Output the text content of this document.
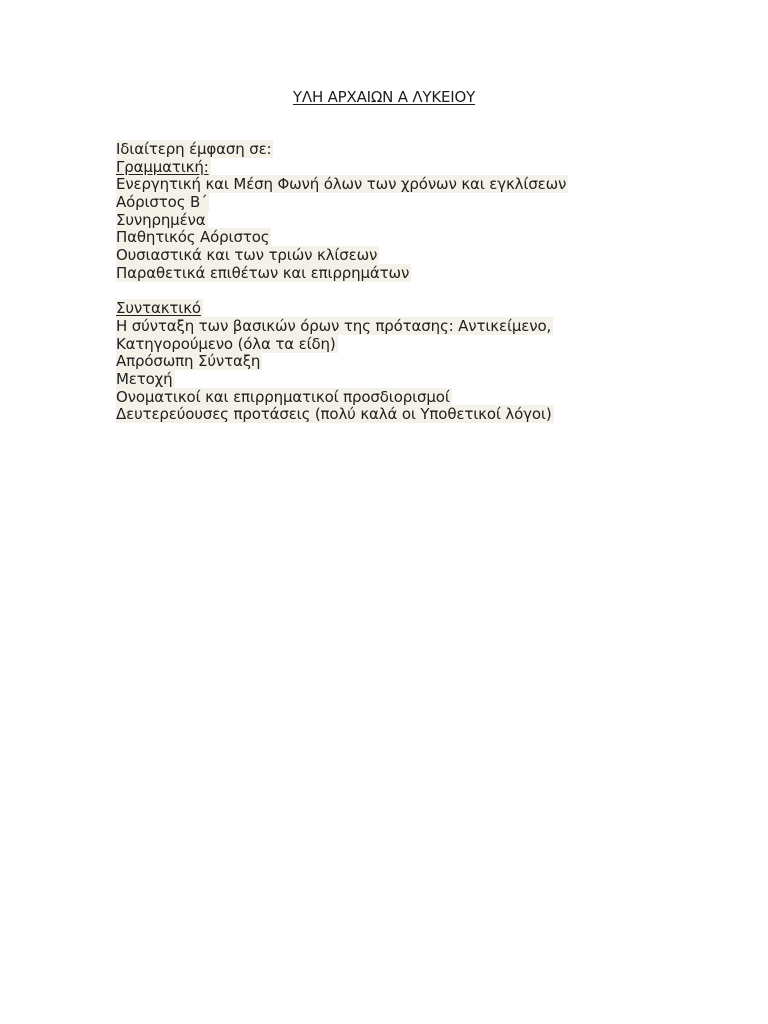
ΥΛΗ ΑΡΧΑΙΩΝ Α ΛΥΚΕΙΟΥ
Ιδιαίτερη έμφαση σε:
Γραμματική:
Ενεργητική και Μέση Φωνή όλων των χρόνων και εγκλίσεων
Αόριστος Β΄
Συνηρημένα
Παθητικός Αόριστος
Ουσιαστικά και των τριών κλίσεων
Παραθετικά επιθέτων και επιρρημάτων
Συντακτικό
Η σύνταξη των βασικών όρων της πρότασης: Αντικείμενο,
Κατηγορούμενο (όλα τα είδη)
Απρόσωπη Σύνταξη
Μετοχή
Ονοματικοί και επιρρηματικοί προσδιορισμοί
Δευτερεύουσες προτάσεις (πολύ καλά οι Υποθετικοί λόγοι)
